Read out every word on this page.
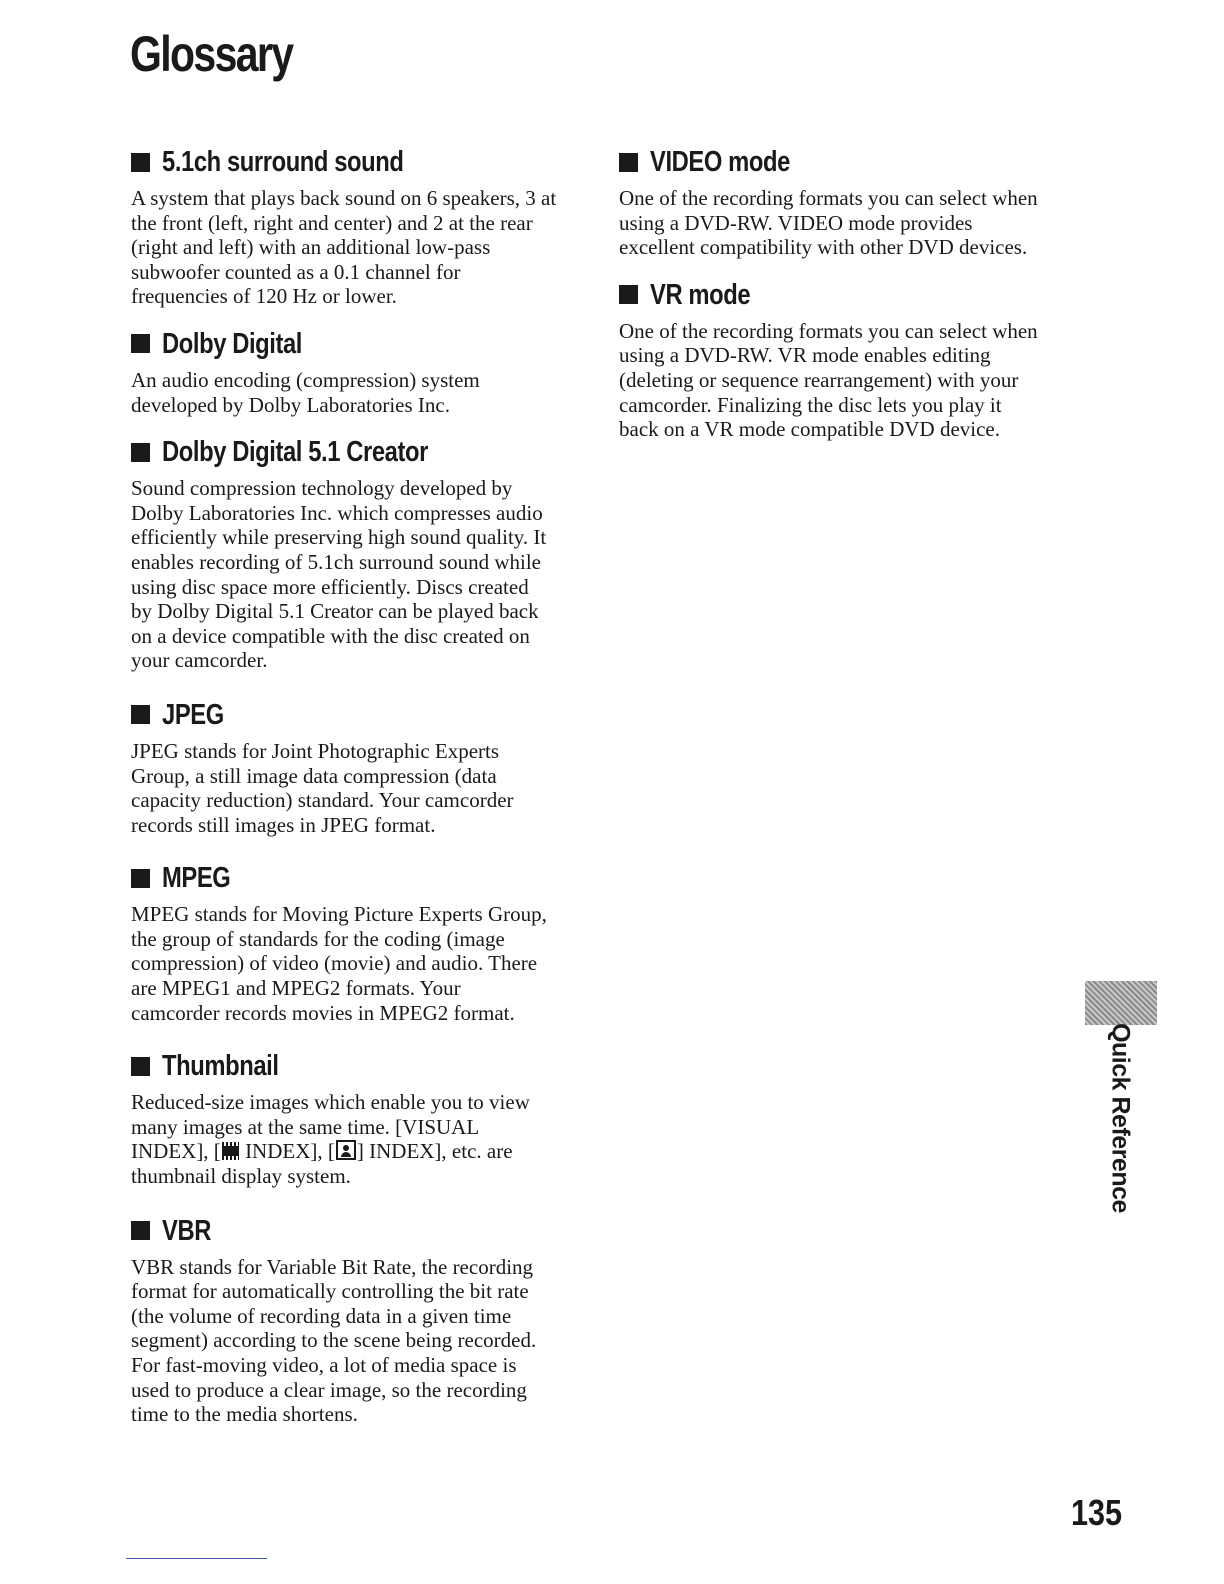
Glossary
5.1ch surround sound

A system that plays back sound on 6 speakers, 3 at
the front (left, right and center) and 2 at the rear
(right and left) with an additional low-pass
subwoofer counted as a 0.1 channel for
frequencies of 120 Hz or lower.

Dolby Digital

An audio encoding (compression) system
developed by Dolby Laboratories Inc.

Dolby Digital 5.1 Creator

Sound compression technology developed by
Dolby Laboratories Inc. which compresses audio
efficiently while preserving high sound quality. It
enables recording of 5.1ch surround sound while
using disc space more efficiently. Discs created
by Dolby Digital 5.1 Creator can be played back
on a device compatible with the disc created on
your camcorder.

JPEG

JPEG stands for Joint Photographic Experts
Group, a still image data compression (data
capacity reduction) standard. Your camcorder
records still images in JPEG format.

MPEG

MPEG stands for Moving Picture Experts Group,
the group of standards for the coding (image
compression) of video (movie) and audio. There
are MPEG1 and MPEG2 formats. Your
camcorder records movies in MPEG2 format.

Thumbnail

Reduced-size images which enable you to view
many images at the same time. [VISUAL
INDEX], [ INDEX], [ ] INDEX], etc. are
thumbnail display system.

VBR

VBR stands for Variable Bit Rate, the recording
format for automatically controlling the bit rate
(the volume of recording data in a given time
segment) according to the scene being recorded.
For fast-moving video, a lot of media space is
used to produce a clear image, so the recording
time to the media shortens.

VIDEO mode

One of the recording formats you can select when
using a DVD-RW. VIDEO mode provides
excellent compatibility with other DVD devices.

VR mode

One of the recording formats you can select when
using a DVD-RW. VR mode enables editing
(deleting or sequence rearrangement) with your
camcorder. Finalizing the disc lets you play it
back on a VR mode compatible DVD device.

Quick Reference
135
